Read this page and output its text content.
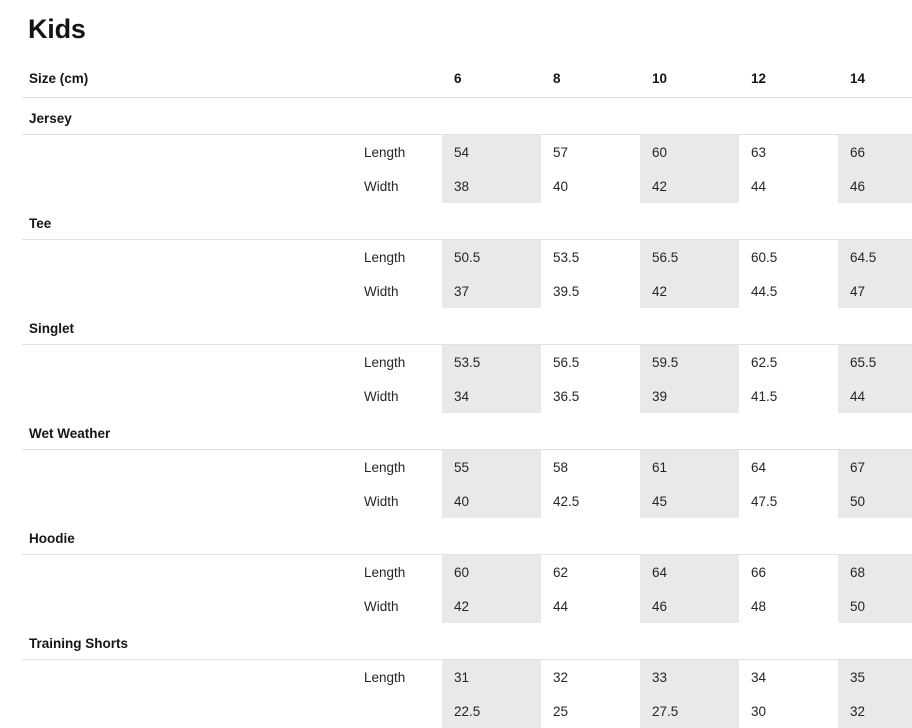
Kids
Size (cm)		6	8	10	12	14
Jersey						
	Length	54	57	60	63	66
	Width	38	40	42	44	46
Tee						
	Length	50.5	53.5	56.5	60.5	64.5
	Width	37	39.5	42	44.5	47
Singlet						
	Length	53.5	56.5	59.5	62.5	65.5
	Width	34	36.5	39	41.5	44
Wet Weather						
	Length	55	58	61	64	67
	Width	40	42.5	45	47.5	50
Hoodie						
	Length	60	62	64	66	68
	Width	42	44	46	48	50
Training Shorts						
	Length	31	32	33	34	35
		22.5	25	27.5	30	32
